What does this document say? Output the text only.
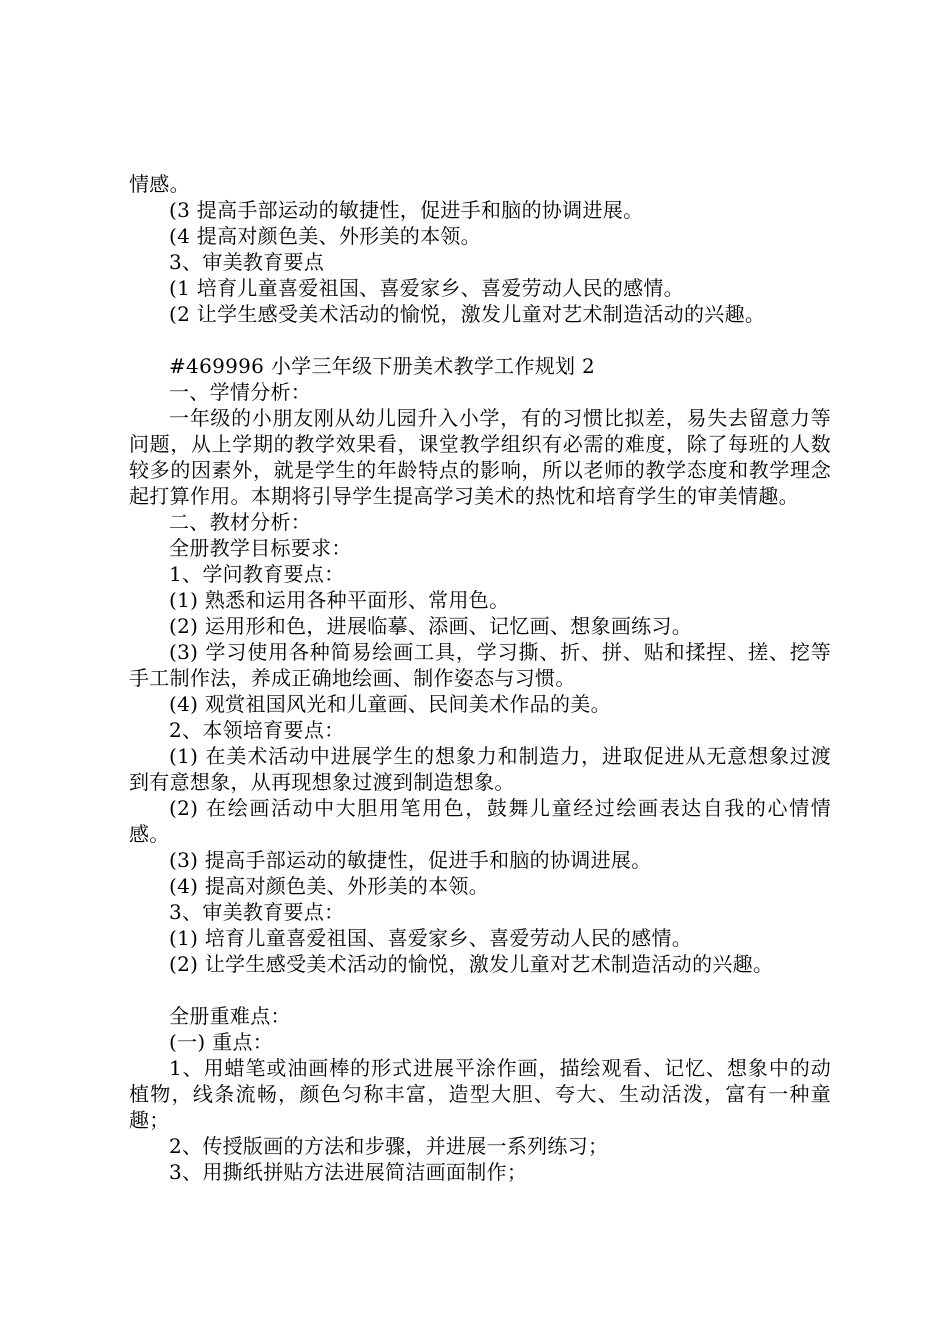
情感。

(3 提高手部运动的敏捷性，促进手和脑的协调进展。

(4 提高对颜色美、外形美的本领。

3、审美教育要点

(1 培育儿童喜爱祖国、喜爱家乡、喜爱劳动人民的感情。

(2 让学生感受美术活动的愉悦，激发儿童对艺术制造活动的兴趣。

#469996 小学三年级下册美术教学工作规划 2

一、学情分析：

一年级的小朋友刚从幼儿园升入小学，有的习惯比拟差，易失去留意力等问题，从上学期的教学效果看，课堂教学组织有必需的难度，除了每班的人数较多的因素外，就是学生的年龄特点的影响，所以老师的教学态度和教学理念起打算作用。本期将引导学生提高学习美术的热忱和培育学生的审美情趣。

二、教材分析：

全册教学目标要求：

1、学问教育要点：

(1) 熟悉和运用各种平面形、常用色。

(2) 运用形和色，进展临摹、添画、记忆画、想象画练习。

(3) 学习使用各种简易绘画工具，学习撕、折、拼、贴和揉捏、搓、挖等手工制作法，养成正确地绘画、制作姿态与习惯。

(4) 观赏祖国风光和儿童画、民间美术作品的美。

2、本领培育要点：

(1) 在美术活动中进展学生的想象力和制造力，进取促进从无意想象过渡到有意想象，从再现想象过渡到制造想象。

(2) 在绘画活动中大胆用笔用色，鼓舞儿童经过绘画表达自我的心情情感。

(3) 提高手部运动的敏捷性，促进手和脑的协调进展。

(4) 提高对颜色美、外形美的本领。

3、审美教育要点：

(1) 培育儿童喜爱祖国、喜爱家乡、喜爱劳动人民的感情。

(2) 让学生感受美术活动的愉悦，激发儿童对艺术制造活动的兴趣。

全册重难点：

(一) 重点：

1、用蜡笔或油画棒的形式进展平涂作画，描绘观看、记忆、想象中的动植物，线条流畅，颜色匀称丰富，造型大胆、夸大、生动活泼，富有一种童趣；

2、传授版画的方法和步骤，并进展一系列练习；

3、用撕纸拼贴方法进展简洁画面制作；
